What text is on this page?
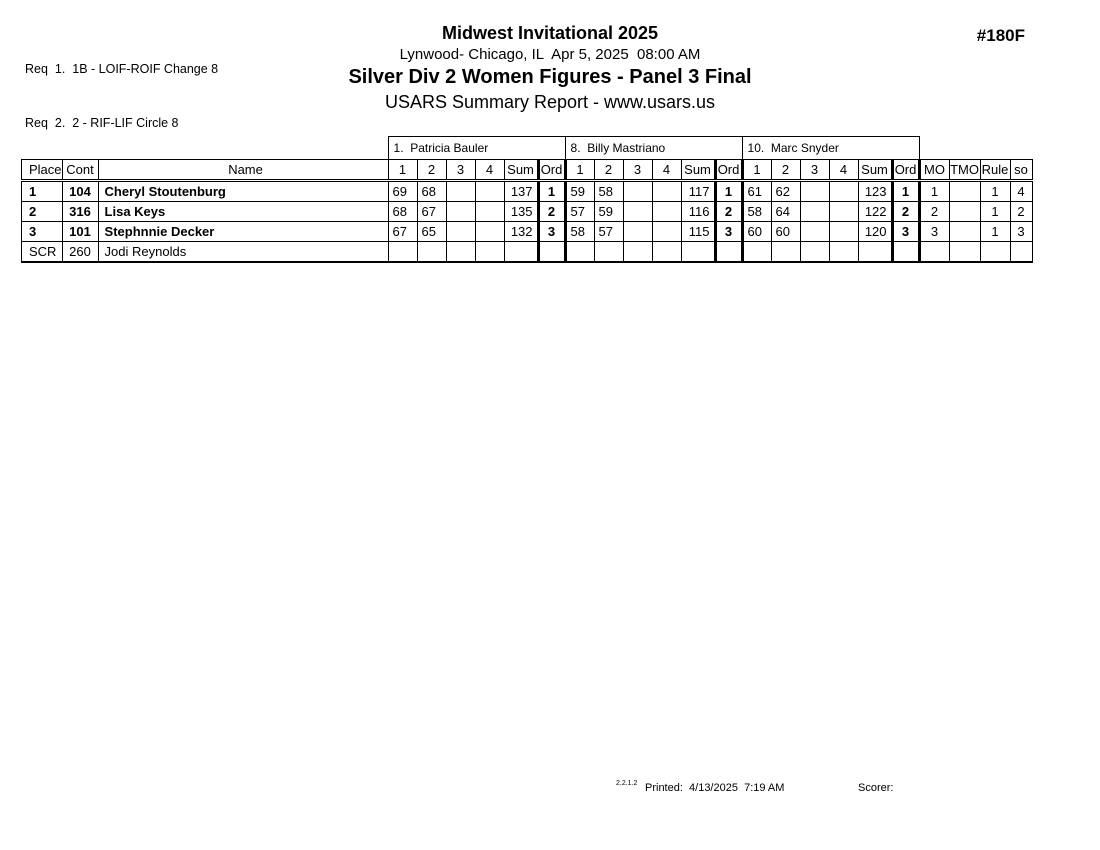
Req  1.  1B - LOIF-ROIF Change 8

Req  2.  2 - RIF-LIF Circle 8

Midwest Invitational 2025
Lynwood- Chicago, IL  Apr 5, 2025  08:00 AM
Silver Div 2 Women Figures - Panel 3 Final
USARS Summary Report - www.usars.us
#180F
			1.  Patricia Bauler						8.  Billy Mastriano						10.  Marc Snyder									
Place	Cont	Name	1	2	3	4	Sum	Ord	1	2	3	4	Sum	Ord	1	2	3	4	Sum	Ord	MO	TMO	Rule	so
1	104	Cheryl Stoutenburg	69	68			137	1	59	58			117	1	61	62			123	1	1		1	4
2	316	Lisa Keys	68	67			135	2	57	59			116	2	58	64			122	2	2		1	2
3	101	Stephnnie Decker	67	65			132	3	58	57			115	3	60	60			120	3	3		1	3
SCR	260	Jodi Reynolds																						
2.2.1.2 Printed:  4/13/2025  7:19 AM	Scorer:
